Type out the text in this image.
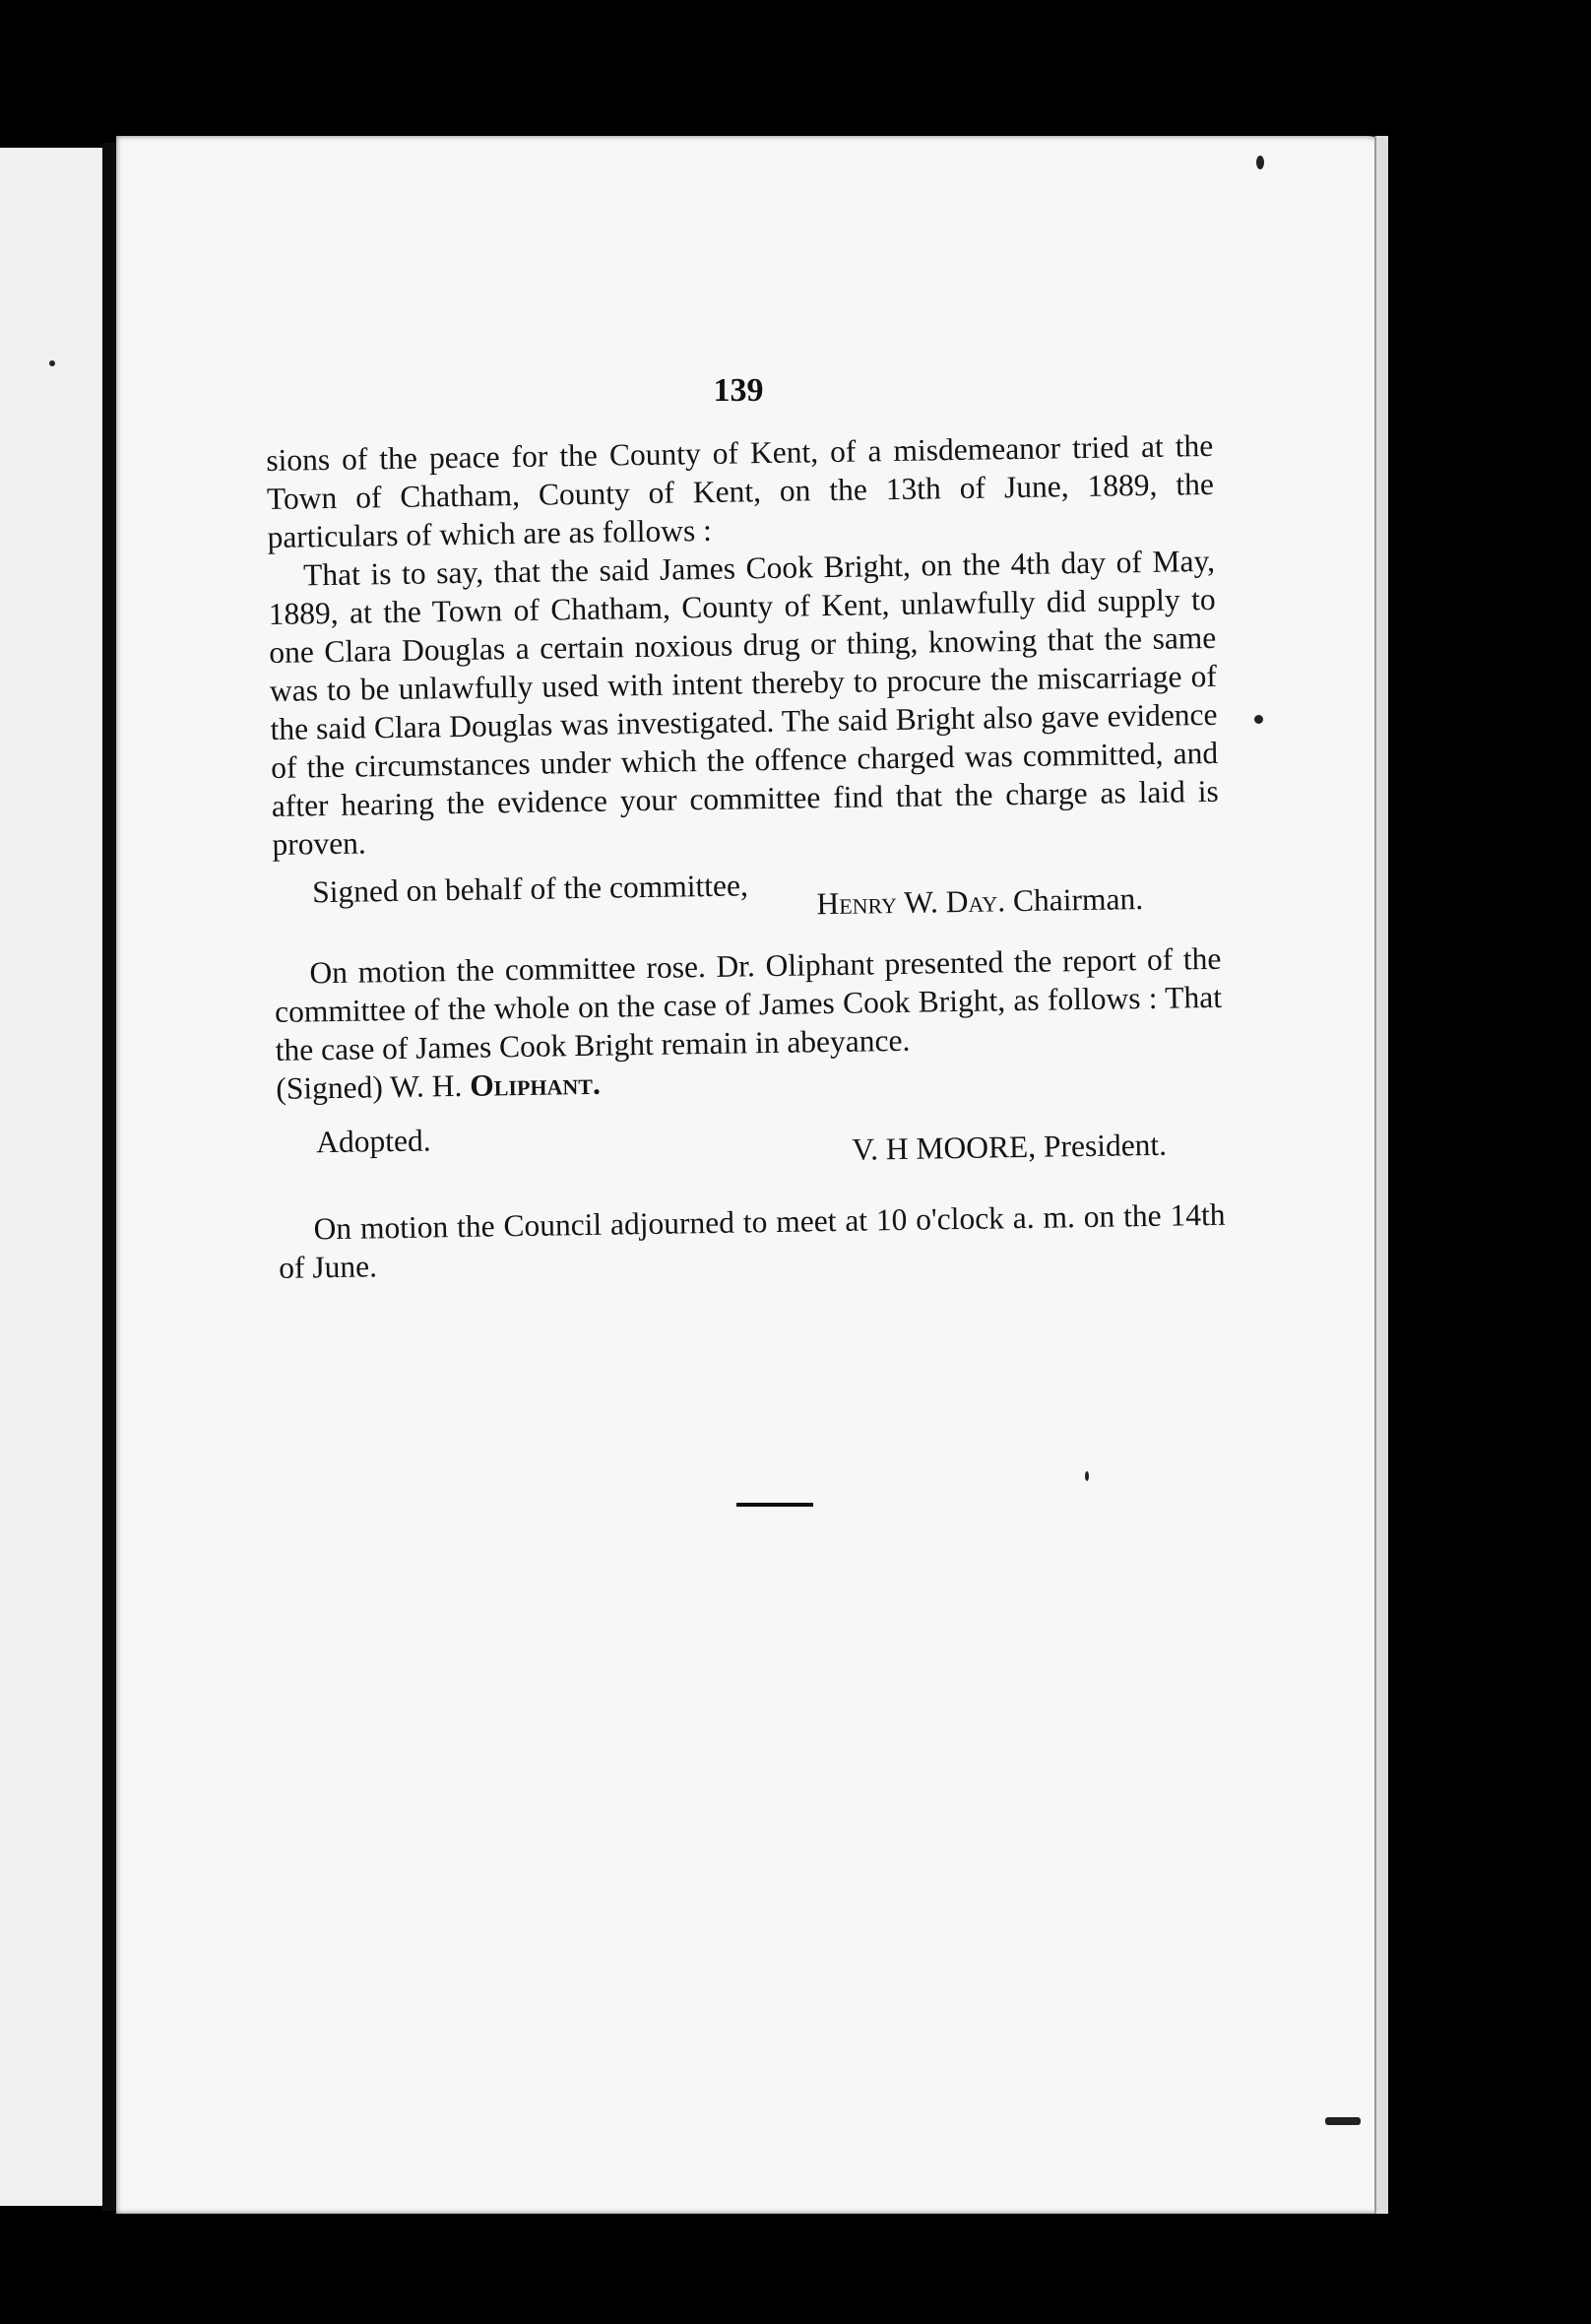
139

sions of the peace for the County of Kent, of a misdemeanor tried at the Town of Chatham, County of Kent, on the 13th of June, 1889, the particulars of which are as follows :

That is to say, that the said James Cook Bright, on the 4th day of May, 1889, at the Town of Chatham, County of Kent, unlawfully did supply to one Clara Douglas a certain noxious drug or thing, knowing that the same was to be unlawfully used with intent thereby to procure the miscarriage of the said Clara Douglas was investigated. The said Bright also gave evidence of the circumstances under which the offence charged was committed, and after hearing the evidence your committee find that the charge as laid is proven.

Signed on behalf of the committee, Henry W. Day. Chairman.

On motion the committee rose. Dr. Oliphant presented the report of the committee of the whole on the case of James Cook Bright, as follows : That the case of James Cook Bright remain in abeyance.

(Signed) W. H. Oliphant.

Adopted.	V. H MOORE, President.

On motion the Council adjourned to meet at 10 o'clock a. m. on the 14th of June.
